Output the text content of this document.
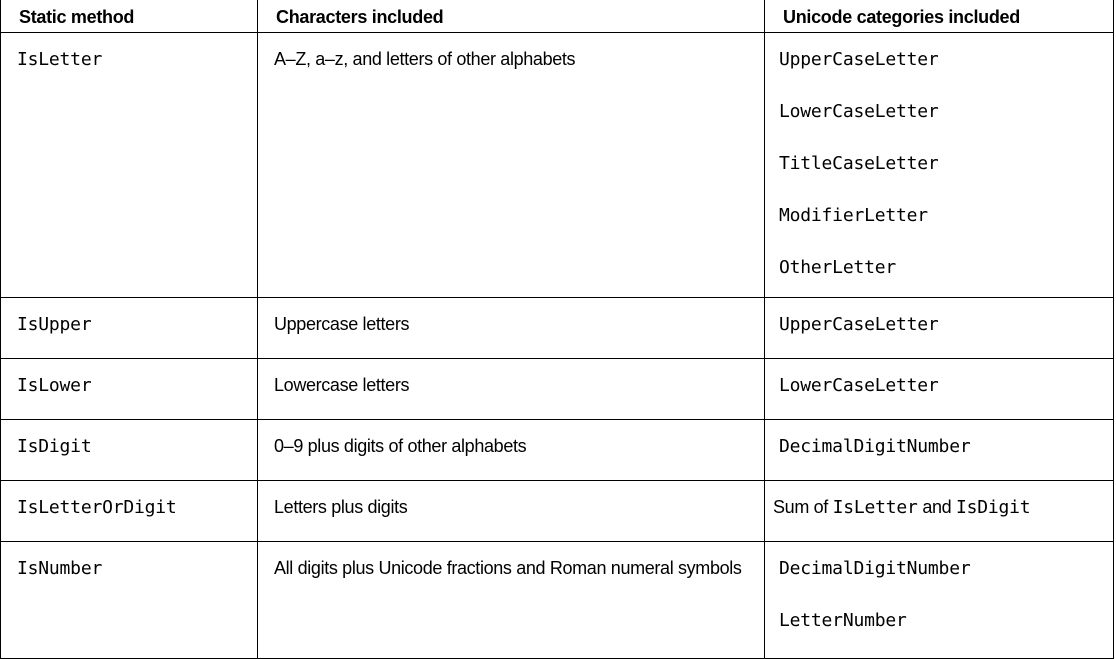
Static method	Characters included	Unicode categories included
IsLetter	A–Z, a–z, and letters of other alphabets	UpperCaseLetter
LowerCaseLetter
TitleCaseLetter
ModifierLetter
OtherLetter

IsUpper	Uppercase letters	UpperCaseLetter

IsLower	Lowercase letters	LowerCaseLetter

IsDigit	0–9 plus digits of other alphabets	DecimalDigitNumber

IsLetterOrDigit	Letters plus digits	Sum of IsLetter and IsDigit
IsNumber	All digits plus Unicode fractions and Roman numeral symbols	DecimalDigitNumber
LetterNumber
